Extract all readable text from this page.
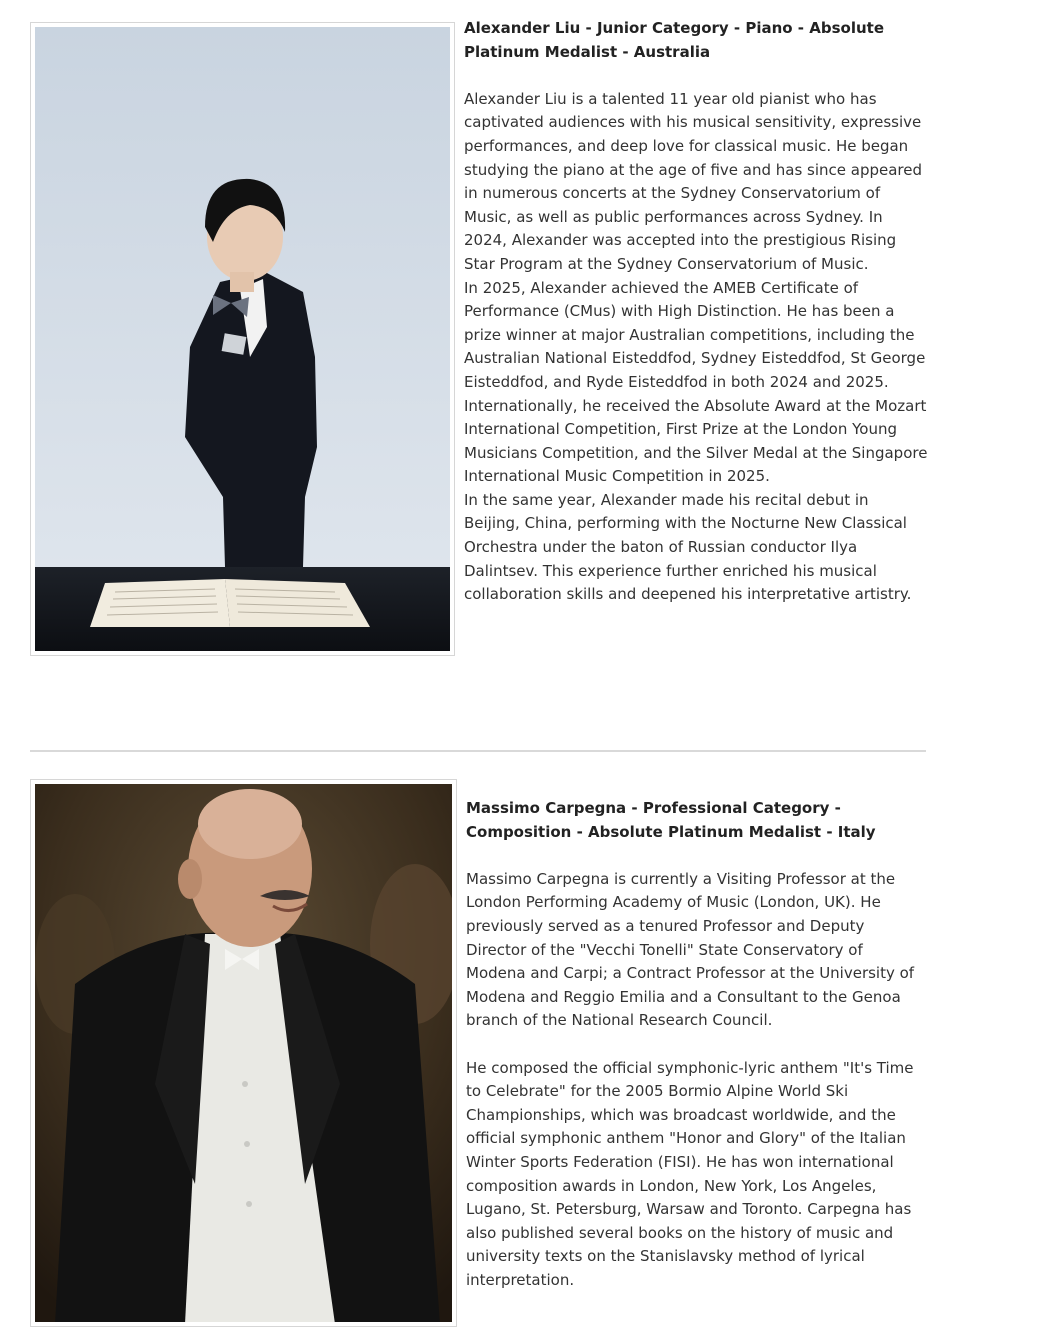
Alexander Liu - Junior Category - Piano - Absolute Platinum Medalist - Australia

Alexander Liu is a talented 11 year old pianist who has captivated audiences with his musical sensitivity, expressive performances, and deep love for classical music. He began studying the piano at the age of five and has since appeared in numerous concerts at the Sydney Conservatorium of Music, as well as public performances across Sydney. In 2024, Alexander was accepted into the prestigious Rising Star Program at the Sydney Conservatorium of Music.

In 2025, Alexander achieved the AMEB Certificate of Performance (CMus) with High Distinction. He has been a prize winner at major Australian competitions, including the Australian National Eisteddfod, Sydney Eisteddfod, St George Eisteddfod, and Ryde Eisteddfod in both 2024 and 2025. Internationally, he received the Absolute Award at the Mozart International Competition, First Prize at the London Young Musicians Competition, and the Silver Medal at the Singapore International Music Competition in 2025.

In the same year, Alexander made his recital debut in Beijing, China, performing with the Nocturne New Classical Orchestra under the baton of Russian conductor Ilya Dalintsev. This experience further enriched his musical collaboration skills and deepened his interpretative artistry.

Massimo Carpegna - Professional Category - Composition - Absolute Platinum Medalist - Italy

Massimo Carpegna is currently a Visiting Professor at the London Performing Academy of Music (London, UK). He previously served as a tenured Professor and Deputy Director of the "Vecchi Tonelli" State Conservatory of Modena and Carpi; a Contract Professor at the University of Modena and Reggio Emilia and a Consultant to the Genoa branch of the National Research Council.

He composed the official symphonic-lyric anthem "It's Time to Celebrate" for the 2005 Bormio Alpine World Ski Championships, which was broadcast worldwide, and the official symphonic anthem "Honor and Glory" of the Italian Winter Sports Federation (FISI). He has won international composition awards in London, New York, Los Angeles, Lugano, St. Petersburg, Warsaw and Toronto. Carpegna has also published several books on the history of music and university texts on the Stanislavsky method of lyrical interpretation.
